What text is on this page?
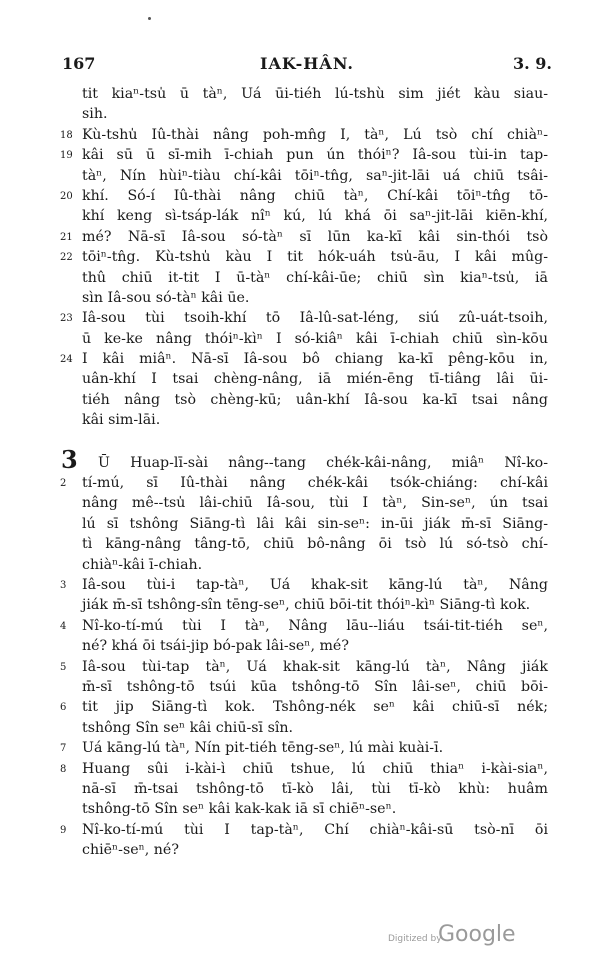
167	IAK-HÂN.	3. 9.
tit kiaⁿ-tsu̍ ū tàⁿ, Uá ūi-tiéh lú-tshù sim jiét kàu siau-
sih.
18 Kù-tshu̍ Iû-thài nâng poh-mn̂g I, tàⁿ, Lú tsò chí chiàⁿ-
19 kâi sū ū sī-mih ī-chiah pun ún thóiⁿ? Iâ-sou tùi-in tap-
tàⁿ, Nín hùiⁿ-tiàu chí-kâi tōiⁿ-tn̂g, saⁿ-jit-lāi uá chiū tsâi-
20 khí. Só-í Iû-thài nâng chiū tàⁿ, Chí-kâi tōiⁿ-tn̂g tō-
khí keng sì-tsáp-lák nîⁿ kú, lú khá ōi saⁿ-jit-lāi kiēn-khí,
21 mé? Nā-sī Iâ-sou só-tàⁿ sī lūn ka-kī kâi sin-thói tsò
22 tōiⁿ-tn̂g. Kù-tshu̍ kàu I tit hók-uáh tsu̍-āu, I kâi mûg-
thû chiū it-tit I ū-tàⁿ chí-kâi-ūe; chiū sìn kiaⁿ-tsu̍, iā
sìn Iâ-sou só-tàⁿ kâi ūe.
23 Iâ-sou tùi tsoih-khí tō Iâ-lû-sat-léng, siú zû-uát-tsoih,
ū ke-ke nâng thóiⁿ-kìⁿ I só-kiâⁿ kâi ī-chiah chiū sìn-kōu
24 I kâi miâⁿ. Nā-sī Iâ-sou bô chiang ka-kī pêng-kōu in,
uân-khí I tsai chèng-nâng, iā mién-ēng tī-tiâng lâi ūi-
tiéh nâng tsò chèng-kū; uân-khí Iâ-sou ka-kī tsai nâng
kâi sim-lāi.
3 Ū Huap-lī-sài nâng--tang chék-kâi-nâng, miâⁿ Nî-ko-
2	tí-mú, sī Iû-thài nâng chék-kâi tsók-chiáng: chí-kâi
nâng mê--tsu̍ lâi-chiū Iâ-sou, tùi I tàⁿ, Sin-seⁿ, ún tsai
lú sī tshông Siāng-tì lâi kâi sin-seⁿ: in-ūi jiák m̄-sī Siāng-
tì kāng-nâng tâng-tō, chiū bô-nâng ōi tsò lú só-tsò chí-
chiàⁿ-kâi ī-chiah.
3	Iâ-sou tùi-i tap-tàⁿ, Uá khak-sit kāng-lú tàⁿ, Nâng
jiák m̄-sī tshông-sîn tēng-seⁿ, chiū bōi-tit thóiⁿ-kìⁿ Siāng-tì kok.
4	Nî-ko-tí-mú tùi I tàⁿ, Nâng lāu--liáu tsái-tit-tiéh seⁿ,
né? khá ōi tsái-jip bó-pak lâi-seⁿ, mé?
5	Iâ-sou tùi-tap tàⁿ, Uá khak-sit kāng-lú tàⁿ, Nâng jiák
m̄-sī tshông-tō tsúi kūa tshông-tō Sîn lâi-seⁿ, chiū bōi-
6	tit jip Siāng-tì kok. Tshông-nék seⁿ kâi chiū-sī nék;
tshông Sîn seⁿ kâi chiū-sī sîn.
7	Uá kāng-lú tàⁿ, Nín pit-tiéh tēng-seⁿ, lú mài kuài-ī.
8	Huang sûi i-kài-ì chiū tshue, lú chiū thiaⁿ i-kài-siaⁿ,
nā-sī m̄-tsai tshông-tō tī-kò lâi, tùi tī-kò khù: huâm
tshông-tō Sîn seⁿ kâi kak-kak iā sī chiēⁿ-seⁿ.
9	Nî-ko-tí-mú tùi I tap-tàⁿ, Chí chiàⁿ-kâi-sū tsò-nī ōi
chiēⁿ-seⁿ, né?
Digitized by
Google
